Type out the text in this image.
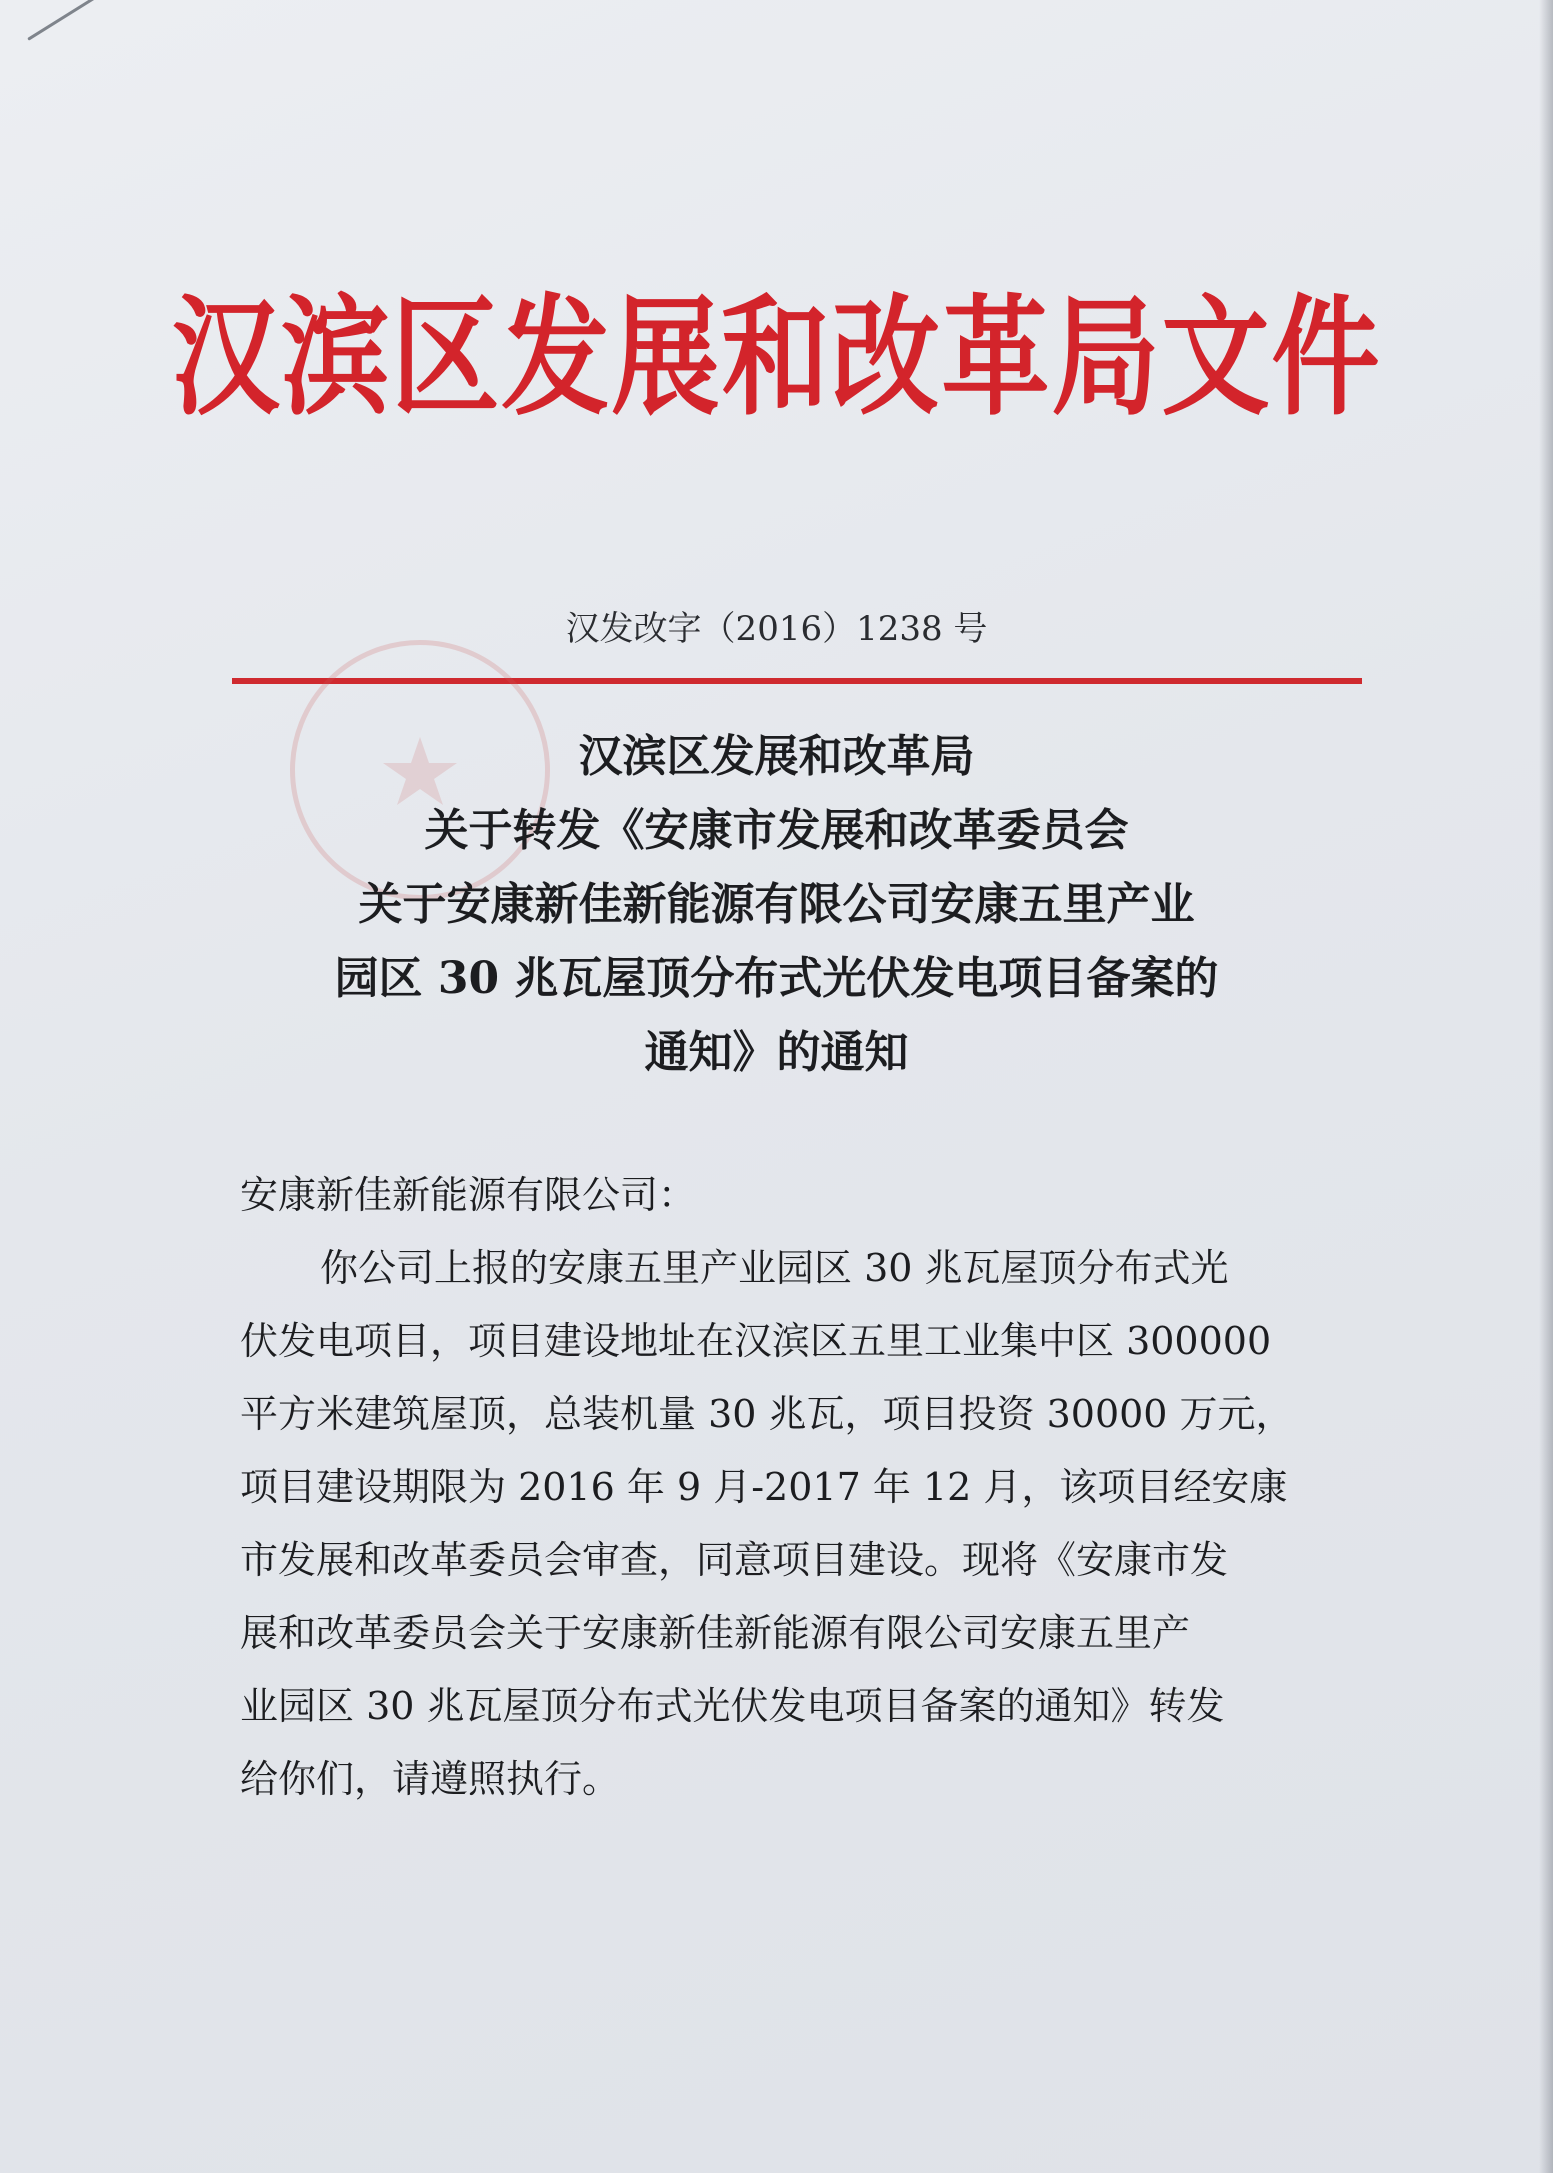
汉滨区发展和改革局文件
汉发改字（2016）1238 号
汉滨区发展和改革局
关于转发《安康市发展和改革委员会
关于安康新佳新能源有限公司安康五里产业
园区 30 兆瓦屋顶分布式光伏发电项目备案的
通知》的通知

安康新佳新能源有限公司：

你公司上报的安康五里产业园区 30 兆瓦屋顶分布式光
伏发电项目，项目建设地址在汉滨区五里工业集中区 300000
平方米建筑屋顶，总装机量 30 兆瓦，项目投资 30000 万元，
项目建设期限为 2016 年 9 月-2017 年 12 月，该项目经安康
市发展和改革委员会审查，同意项目建设。现将《安康市发
展和改革委员会关于安康新佳新能源有限公司安康五里产
业园区 30 兆瓦屋顶分布式光伏发电项目备案的通知》转发
给你们，请遵照执行。
